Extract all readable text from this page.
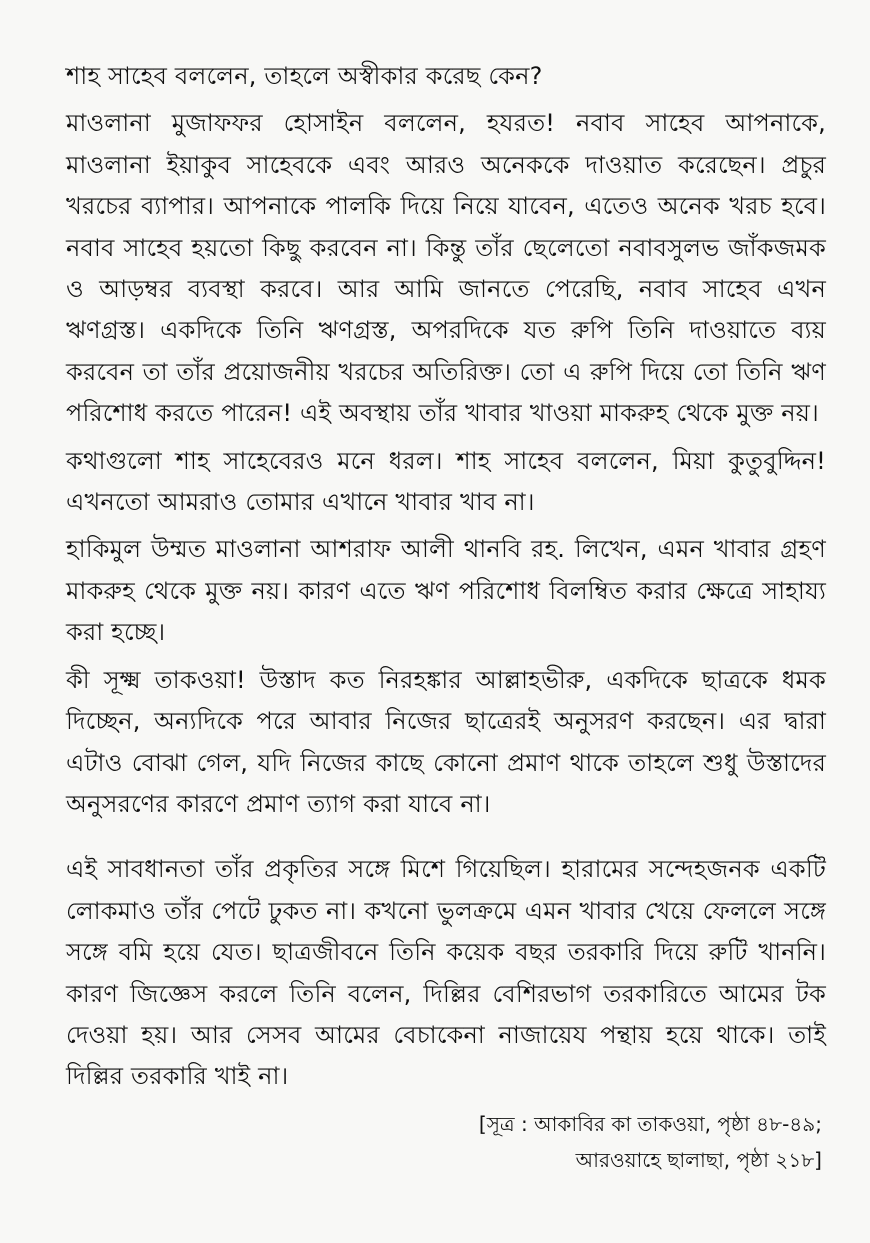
শাহ সাহেব বললেন, তাহলে অস্বীকার করেছ কেন?

মাওলানা মুজাফফর হোসাইন বললেন, হযরত! নবাব সাহেব আপনাকে, মাওলানা ইয়াকুব সাহেবকে এবং আরও অনেককে দাওয়াত করেছেন। প্রচুর খরচের ব্যাপার। আপনাকে পালকি দিয়ে নিয়ে যাবেন, এতেও অনেক খরচ হবে। নবাব সাহেব হয়তো কিছু করবেন না। কিন্তু তাঁর ছেলেতো নবাবসুলভ জাঁকজমক ও আড়ম্বর ব্যবস্থা করবে। আর আমি জানতে পেরেছি, নবাব সাহেব এখন ঋণগ্রস্ত। একদিকে তিনি ঋণগ্রস্ত, অপরদিকে যত রুপি তিনি দাওয়াতে ব্যয় করবেন তা তাঁর প্রয়োজনীয় খরচের অতিরিক্ত। তো এ রুপি দিয়ে তো তিনি ঋণ পরিশোধ করতে পারেন! এই অবস্থায় তাঁর খাবার খাওয়া মাকরুহ থেকে মুক্ত নয়।

কথাগুলো শাহ সাহেবেরও মনে ধরল। শাহ সাহেব বললেন, মিয়া কুতুবুদ্দিন! এখনতো আমরাও তোমার এখানে খাবার খাব না।

হাকিমুল উম্মত মাওলানা আশরাফ আলী থানবি রহ. লিখেন, এমন খাবার গ্রহণ মাকরুহ থেকে মুক্ত নয়। কারণ এতে ঋণ পরিশোধ বিলম্বিত করার ক্ষেত্রে সাহায্য করা হচ্ছে।

কী সূক্ষ্ম তাকওয়া! উস্তাদ কত নিরহঙ্কার আল্লাহভীরু, একদিকে ছাত্রকে ধমক দিচ্ছেন, অন্যদিকে পরে আবার নিজের ছাত্রেরই অনুসরণ করছেন। এর দ্বারা এটাও বোঝা গেল, যদি নিজের কাছে কোনো প্রমাণ থাকে তাহলে শুধু উস্তাদের অনুসরণের কারণে প্রমাণ ত্যাগ করা যাবে না।

এই সাবধানতা তাঁর প্রকৃতির সঙ্গে মিশে গিয়েছিল। হারামের সন্দেহজনক একটি লোকমাও তাঁর পেটে ঢুকত না। কখনো ভুলক্রমে এমন খাবার খেয়ে ফেললে সঙ্গে সঙ্গে বমি হয়ে যেত। ছাত্রজীবনে তিনি কয়েক বছর তরকারি দিয়ে রুটি খাননি। কারণ জিজ্ঞেস করলে তিনি বলেন, দিল্লির বেশিরভাগ তরকারিতে আমের টক দেওয়া হয়। আর সেসব আমের বেচাকেনা নাজায়েয পন্থায় হয়ে থাকে। তাই দিল্লির তরকারি খাই না।

[সূত্র : আকাবির কা তাকওয়া, পৃষ্ঠা ৪৮-৪৯;
আরওয়াহে ছালাছা, পৃষ্ঠা ২১৮]
